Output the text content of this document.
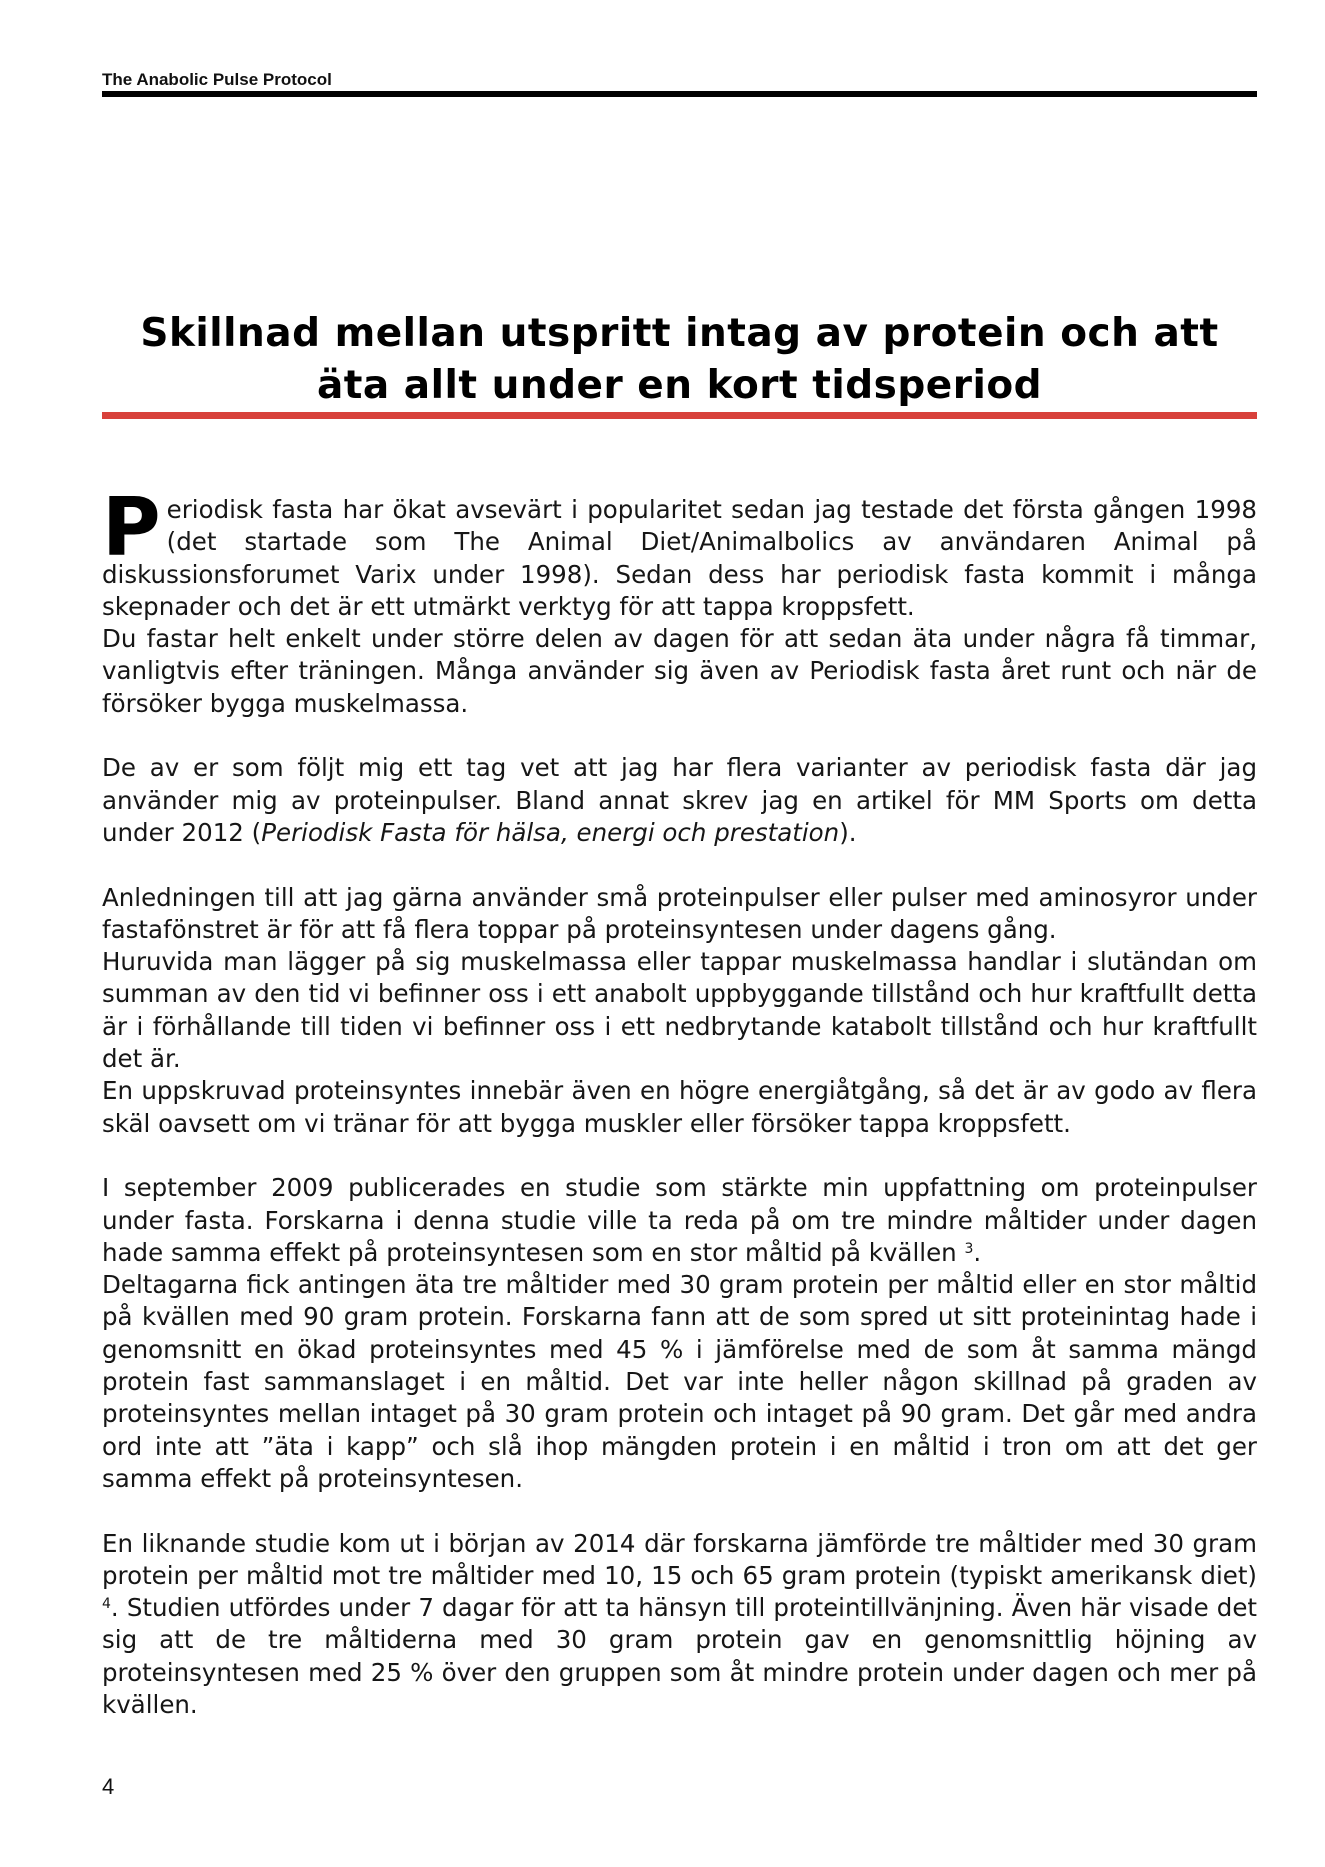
The Anabolic Pulse Protocol
Skillnad mellan utspritt intag av protein och att
äta allt under en kort tidsperiod

Periodisk fasta har ökat avsevärt i popularitet sedan jag testade det första gången 1998 (det startade som The Animal Diet/Animalbolics av användaren Animal på diskussionsforumet Varix under 1998). Sedan dess har periodisk fasta kommit i många skepnader och det är ett utmärkt verktyg för att tappa kroppsfett.

Du fastar helt enkelt under större delen av dagen för att sedan äta under några få timmar, vanligtvis efter träningen. Många använder sig även av Periodisk fasta året runt och när de försöker bygga muskelmassa.

De av er som följt mig ett tag vet att jag har flera varianter av periodisk fasta där jag använder mig av proteinpulser. Bland annat skrev jag en artikel för MM Sports om detta under 2012 (Periodisk Fasta för hälsa, energi och prestation).

Anledningen till att jag gärna använder små proteinpulser eller pulser med aminosyror under fastafönstret är för att få flera toppar på proteinsyntesen under dagens gång.

Huruvida man lägger på sig muskelmassa eller tappar muskelmassa handlar i slutändan om summan av den tid vi befinner oss i ett anabolt uppbyggande tillstånd och hur kraftfullt detta är i förhållande till tiden vi befinner oss i ett nedbrytande katabolt tillstånd och hur kraftfullt det är.

En uppskruvad proteinsyntes innebär även en högre energiåtgång, så det är av godo av flera skäl oavsett om vi tränar för att bygga muskler eller försöker tappa kroppsfett.

I september 2009 publicerades en studie som stärkte min uppfattning om proteinpulser under fasta. Forskarna i denna studie ville ta reda på om tre mindre måltider under dagen hade samma effekt på proteinsyntesen som en stor måltid på kvällen $^3$.

Deltagarna fick antingen äta tre måltider med 30 gram protein per måltid eller en stor måltid på kvällen med 90 gram protein. Forskarna fann att de som spred ut sitt proteinintag hade i genomsnitt en ökad proteinsyntes med 45 % i jämförelse med de som åt samma mängd protein fast sammanslaget i en måltid. Det var inte heller någon skillnad på graden av proteinsyntes mellan intaget på 30 gram protein och intaget på 90 gram. Det går med andra ord inte att ”äta i kapp” och slå ihop mängden protein i en måltid i tron om att det ger samma effekt på proteinsyntesen.

En liknande studie kom ut i början av 2014 där forskarna jämförde tre måltider med 30 gram protein per måltid mot tre måltider med 10, 15 och 65 gram protein (typiskt amerikansk diet) $^4$. Studien utfördes under 7 dagar för att ta hänsyn till proteintillvänjning. Även här visade det sig att de tre måltiderna med 30 gram protein gav en genomsnittlig höjning av proteinsyntesen med 25 % över den gruppen som åt mindre protein under dagen och mer på kvällen.

4
